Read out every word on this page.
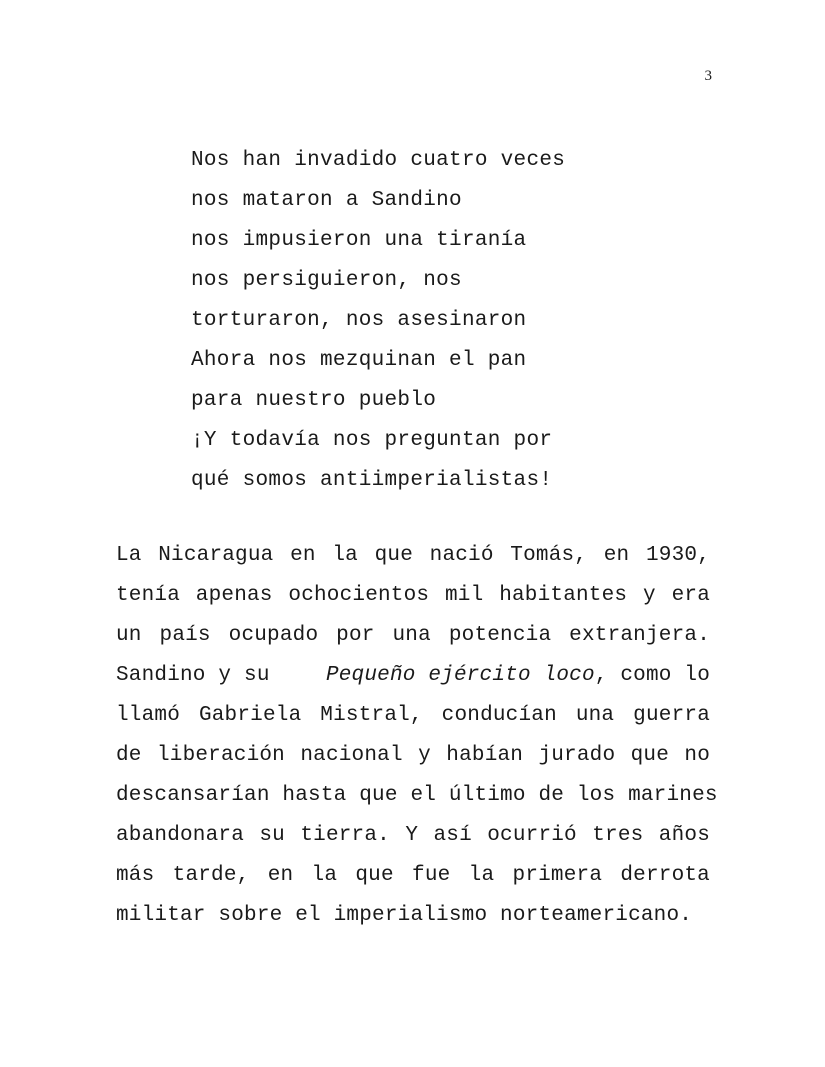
3
Nos han invadido cuatro veces
nos mataron a Sandino
nos impusieron una tiranía
nos persiguieron, nos
torturaron, nos asesinaron
Ahora nos mezquinan el pan
para nuestro pueblo
¡Y todavía nos preguntan por
qué somos antiimperialistas!
La Nicaragua en la que nació Tomás, en 1930,
tenía apenas ochocientos mil habitantes y era
un país ocupado por una potencia extranjera.
Sandino y su	Pequeño ejército loco, como lo
llamó Gabriela Mistral, conducían una guerra
de liberación nacional y habían jurado que no
descansarían hasta que el último de los marines
abandonara su tierra. Y así ocurrió tres años
más tarde, en la que fue la primera derrota
militar sobre el imperialismo norteamericano.
